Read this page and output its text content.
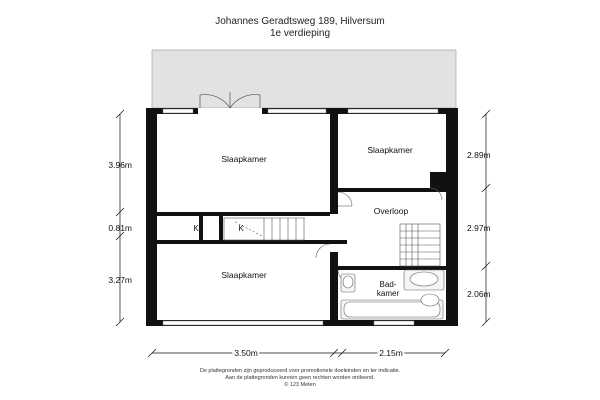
Johannes Geradtsweg 189, Hilversum
1e verdieping
Slaapkamer
Slaapkamer
Slaapkamer
Overloop
Bad-
kamer
K	K
3.96m
0.81m
3.27m
2.89m
2.97m
2.06m
3.50m	2.15m
De plattegronden zijn geproduceerd voor promotionele doeleinden en ter indicatie.
Aan de plattegronden kunnen geen rechten worden ontleend.
© 123 Meten
